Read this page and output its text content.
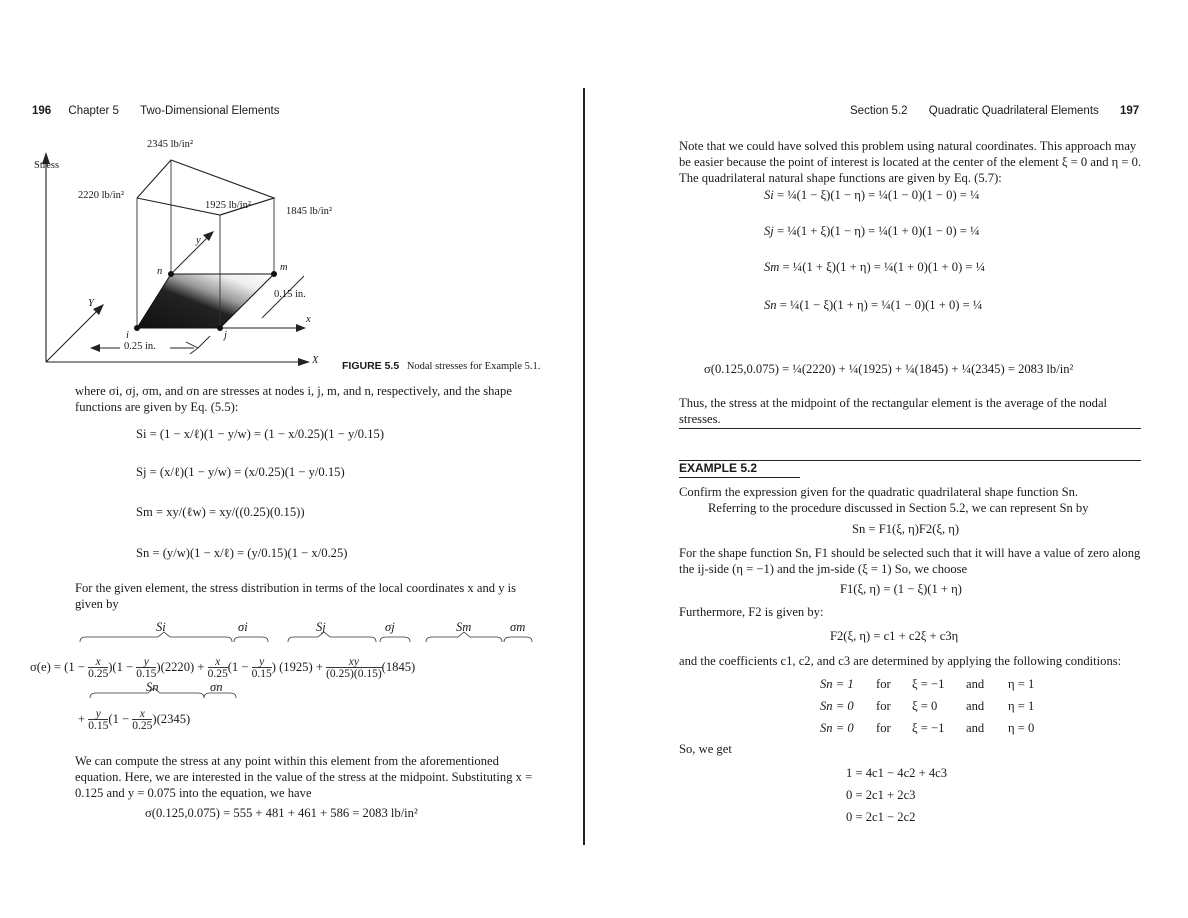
196 Chapter 5 Two-Dimensional Elements
Stress
2220 lb/in²
2345 lb/in²
1925 lb/in²
1845 lb/in²
i	j
m
n
x
y
X
Y
0.15 in.
0.25 in.
FIGURE 5.5 Nodal stresses for Example 5.1.
where σi, σj, σm, and σn are stresses at nodes i, j, m, and n, respectively, and the shape functions are given by Eq. (5.5):
Si = (1 − x/ℓ)(1 − y/w) = (1 − x/0.25)(1 − y/0.15)
Sj = (x/ℓ)(1 − y/w) = (x/0.25)(1 − y/0.15)
Sm = xy/(ℓw) = xy/((0.25)(0.15))
Sn = (y/w)(1 − x/ℓ) = (y/0.15)(1 − x/0.25)
For the given element, the stress distribution in terms of the local coordinates x and y is given by
Si	σi	Sj	σj	Sm	σm
$\sigma(e) = (1 - \frac{x}{0.25})(1 - \frac{y}{0.15})(2220) + \frac{x}{0.25}(1 - \frac{y}{0.15})$ $(1925) + \frac{xy}{(0.25)(0.15)}(1845)$
Sn	σn
+ $\frac{y}{0.15}(1 - \frac{x}{0.25})(2345)$
We can compute the stress at any point within this element from the aforementioned equation. Here, we are interested in the value of the stress at the midpoint. Substituting x = 0.125 and y = 0.075 into the equation, we have
σ(0.125,0.075) = 555 + 481 + 461 + 586 = 2083 lb/in²
Section 5.2 Quadratic Quadrilateral Elements 197
Note that we could have solved this problem using natural coordinates. This approach may be easier because the point of interest is located at the center of the element ξ = 0 and η = 0. The quadrilateral natural shape functions are given by Eq. (5.7):
Si = ¼(1 − ξ)(1 − η) = ¼(1 − 0)(1 − 0) = ¼
Sj = ¼(1 + ξ)(1 − η) = ¼(1 + 0)(1 − 0) = ¼
Sm = ¼(1 + ξ)(1 + η) = ¼(1 + 0)(1 + 0) = ¼
Sn = ¼(1 − ξ)(1 + η) = ¼(1 − 0)(1 + 0) = ¼
σ(0.125,0.075) = ¼(2220) + ¼(1925) + ¼(1845) + ¼(2345) = 2083 lb/in²
Thus, the stress at the midpoint of the rectangular element is the average of the nodal stresses.
EXAMPLE 5.2
Confirm the expression given for the quadratic quadrilateral shape function Sn.
Referring to the procedure discussed in Section 5.2, we can represent Sn by
Sn = F1(ξ, η)F2(ξ, η)
For the shape function Sn, F1 should be selected such that it will have a value of zero along the ij-side (η = −1) and the jm-side (ξ = 1) So, we choose
F1(ξ, η) = (1 − ξ)(1 + η)
Furthermore, F2 is given by:
F2(ξ, η) = c1 + c2ξ + c3η
and the coefficients c1, c2, and c3 are determined by applying the following conditions:
Sn = 1 for ξ = −1 and η = 1
Sn = 0 for ξ = 0 and η = 1
Sn = 0 for ξ = −1 and η = 0
So, we get
1 = 4c1 − 4c2 + 4c3
0 = 2c1 + 2c3
0 = 2c1 − 2c2
